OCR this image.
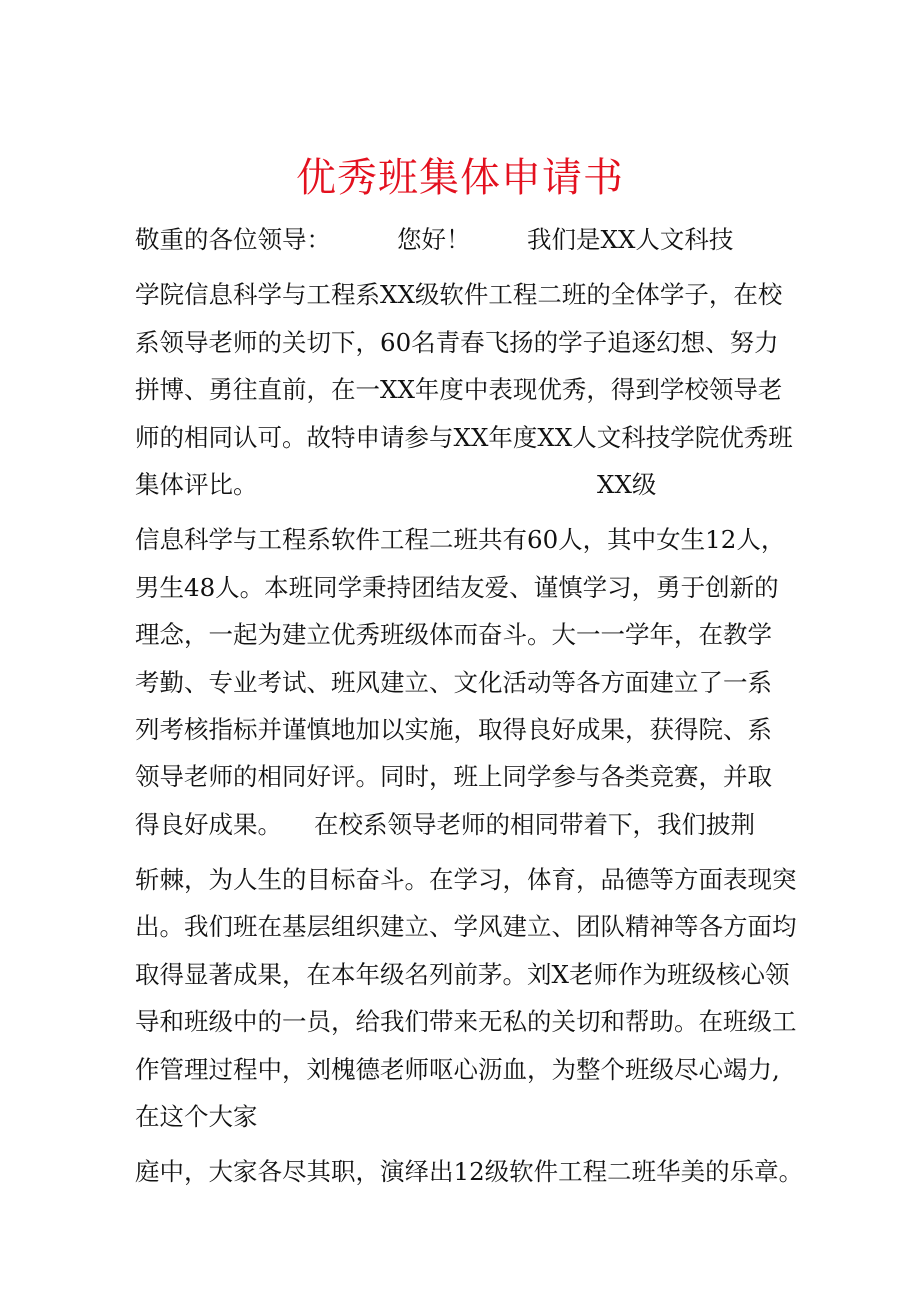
优秀班集体申请书
敬重的各位领导：	您好！ 我们是XX人文科技
学院信息科学与工程系XX级软件工程二班的全体学子，在校
系领导老师的关切下，60名青春飞扬的学子追逐幻想、努力
拼博、勇往直前，在一XX年度中表现优秀，得到学校领导老
师的相同认可。故特申请参与XX年度XX人文科技学院优秀班
集体评比。	XX级
信息科学与工程系软件工程二班共有60人，其中女生12人，
男生48人。本班同学秉持团结友爱、谨慎学习，勇于创新的
理念，一起为建立优秀班级体而奋斗。大一一学年，在教学
考勤、专业考试、班风建立、文化活动等各方面建立了一系
列考核指标并谨慎地加以实施，取得良好成果，获得院、系
领导老师的相同好评。同时，班上同学参与各类竞赛，并取
得良好成果。 在校系领导老师的相同带着下，我们披荆
斩棘，为人生的目标奋斗。在学习，体育，品德等方面表现突
出。我们班在基层组织建立、学风建立、团队精神等各方面均
取得显著成果，在本年级名列前茅。刘X老师作为班级核心领
导和班级中的一员，给我们带来无私的关切和帮助。在班级工
作管理过程中，刘槐德老师呕心沥血，为整个班级尽心竭力,
在这个大家
庭中，大家各尽其职，演绎出12级软件工程二班华美的乐章。
